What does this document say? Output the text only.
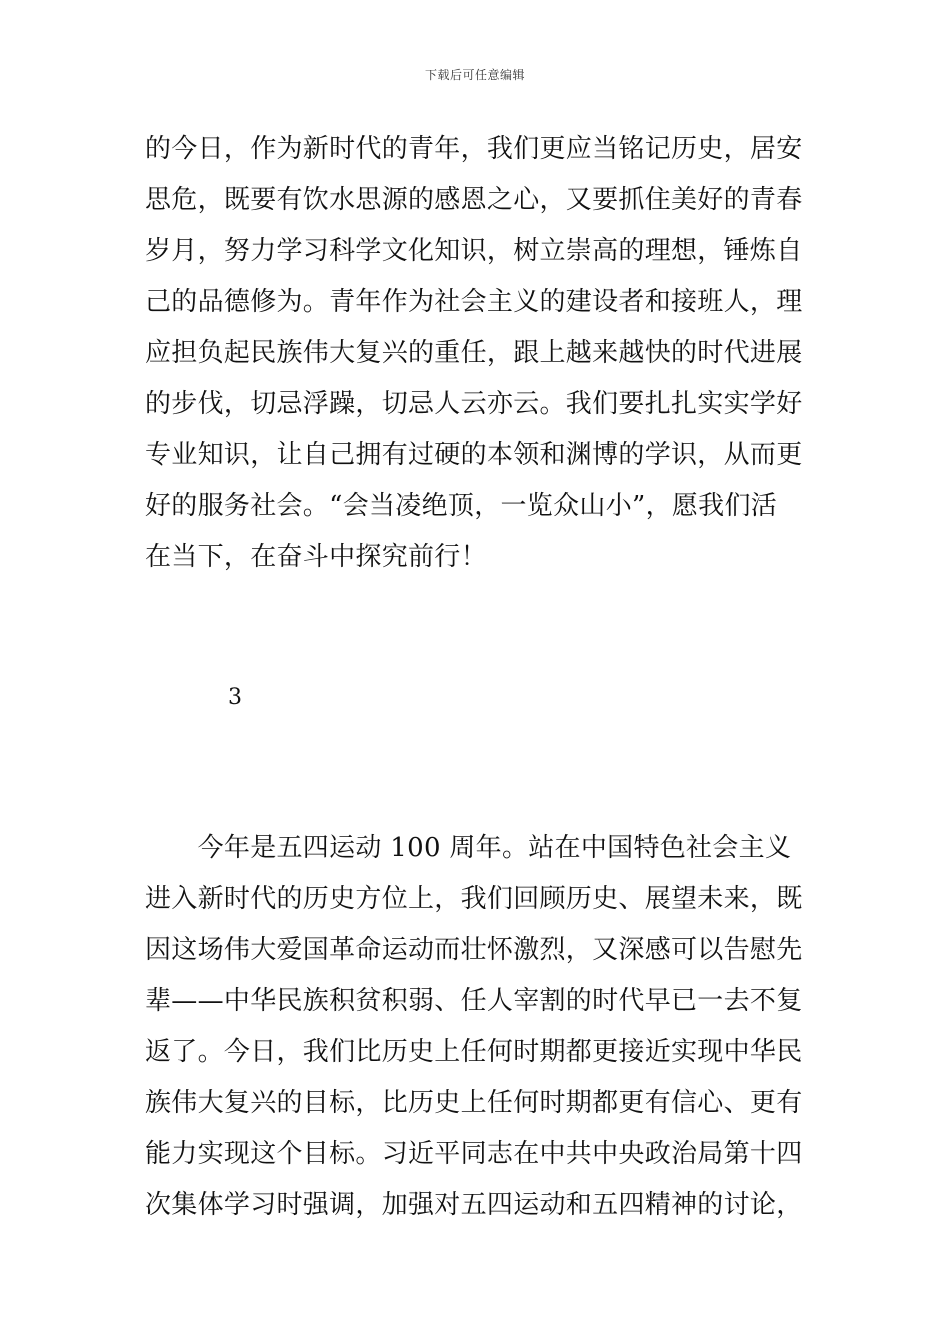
下载后可任意编辑
的今日，作为新时代的青年，我们更应当铭记历史，居安
思危，既要有饮水思源的感恩之心，又要抓住美好的青春
岁月，努力学习科学文化知识，树立崇高的理想，锤炼自
己的品德修为。青年作为社会主义的建设者和接班人，理
应担负起民族伟大复兴的重任，跟上越来越快的时代进展
的步伐，切忌浮躁，切忌人云亦云。我们要扎扎实实学好
专业知识，让自己拥有过硬的本领和渊博的学识，从而更
好的服务社会。“会当凌绝顶，一览众山小”，愿我们活
在当下，在奋斗中探究前行！
3
　　今年是五四运动 100 周年。站在中国特色社会主义
进入新时代的历史方位上，我们回顾历史、展望未来，既
因这场伟大爱国革命运动而壮怀激烈，又深感可以告慰先
辈——中华民族积贫积弱、任人宰割的时代早已一去不复
返了。今日，我们比历史上任何时期都更接近实现中华民
族伟大复兴的目标，比历史上任何时期都更有信心、更有
能力实现这个目标。习近平同志在中共中央政治局第十四
次集体学习时强调，加强对五四运动和五四精神的讨论，
